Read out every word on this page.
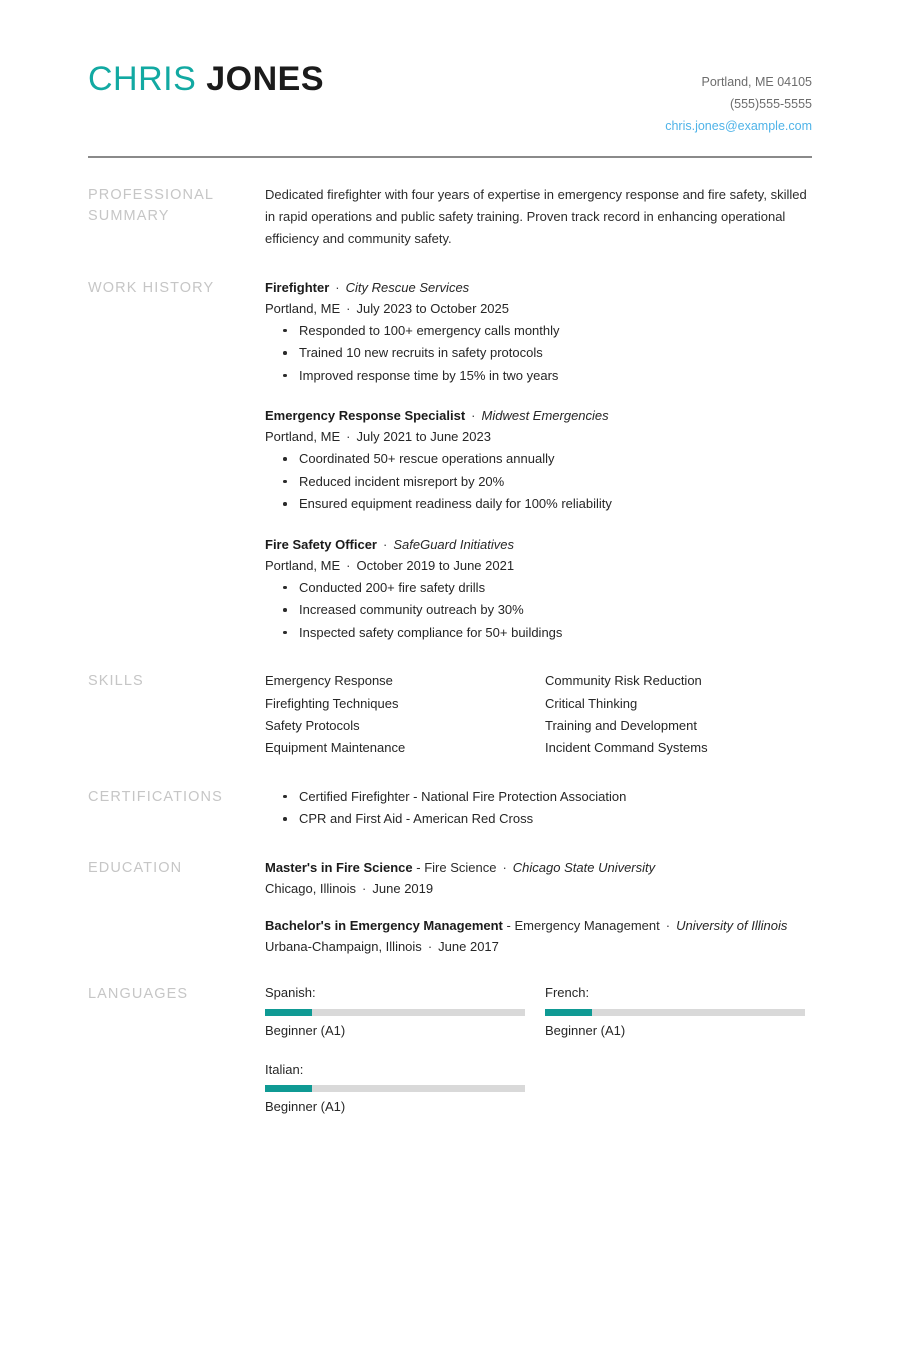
CHRIS JONES	Portland, ME 04105
(555)555-5555
chris.jones@example.com
PROFESSIONAL SUMMARY
Dedicated firefighter with four years of expertise in emergency response and fire safety, skilled in rapid operations and public safety training. Proven track record in enhancing operational efficiency and community safety.
WORK HISTORY	Firefighter · City Rescue Services
Portland, ME · July 2023 to October 2025
Responded to 100+ emergency calls monthly
Trained 10 new recruits in safety protocols
Improved response time by 15% in two years
Emergency Response Specialist · Midwest Emergencies
Portland, ME · July 2021 to June 2023
Coordinated 50+ rescue operations annually
Reduced incident misreport by 20%
Ensured equipment readiness daily for 100% reliability
Fire Safety Officer · SafeGuard Initiatives
Portland, ME · October 2019 to June 2021
Conducted 200+ fire safety drills
Increased community outreach by 30%
Inspected safety compliance for 50+ buildings
SKILLS	Emergency Response
Firefighting Techniques
Safety Protocols
Equipment Maintenance
Community Risk Reduction
Critical Thinking
Training and Development
Incident Command Systems
CERTIFICATIONS	Certified Firefighter - National Fire Protection Association
CPR and First Aid - American Red Cross
EDUCATION	Master's in Fire Science - Fire Science · Chicago State University
Chicago, Illinois · June 2019
Bachelor's in Emergency Management - Emergency Management · University of Illinois
Urbana-Champaign, Illinois · June 2017
LANGUAGES	Spanish:
Beginner (A1)
French:
Beginner (A1)
Italian:
Beginner (A1)
